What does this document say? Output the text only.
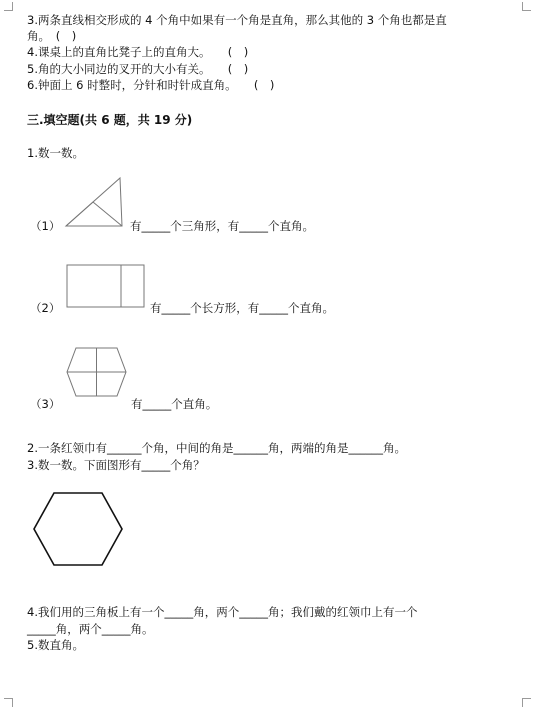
3.两条直线相交形成的 4 个角中如果有一个角是直角，那么其他的 3 个角也都是直
角。　(　)
4.课桌上的直角比凳子上的直角大。　　(　)
5.角的大小同边的叉开的大小有关。　　(　)
6.钟面上 6 时整时，分针和时针成直角。　　(　)
三.填空题(共 6 题，共 19 分)
1.数一数。
（1）	有_____个三角形，有_____个直角。
（2）	有_____个长方形，有_____个直角。
（3）	有_____个直角。
2.一条红领巾有______个角，中间的角是______角，两端的角是______角。
3.数一数。下面图形有_____个角？
4.我们用的三角板上有一个_____角，两个_____角；我们戴的红领巾上有一个
_____角，两个_____角。
5.数直角。
